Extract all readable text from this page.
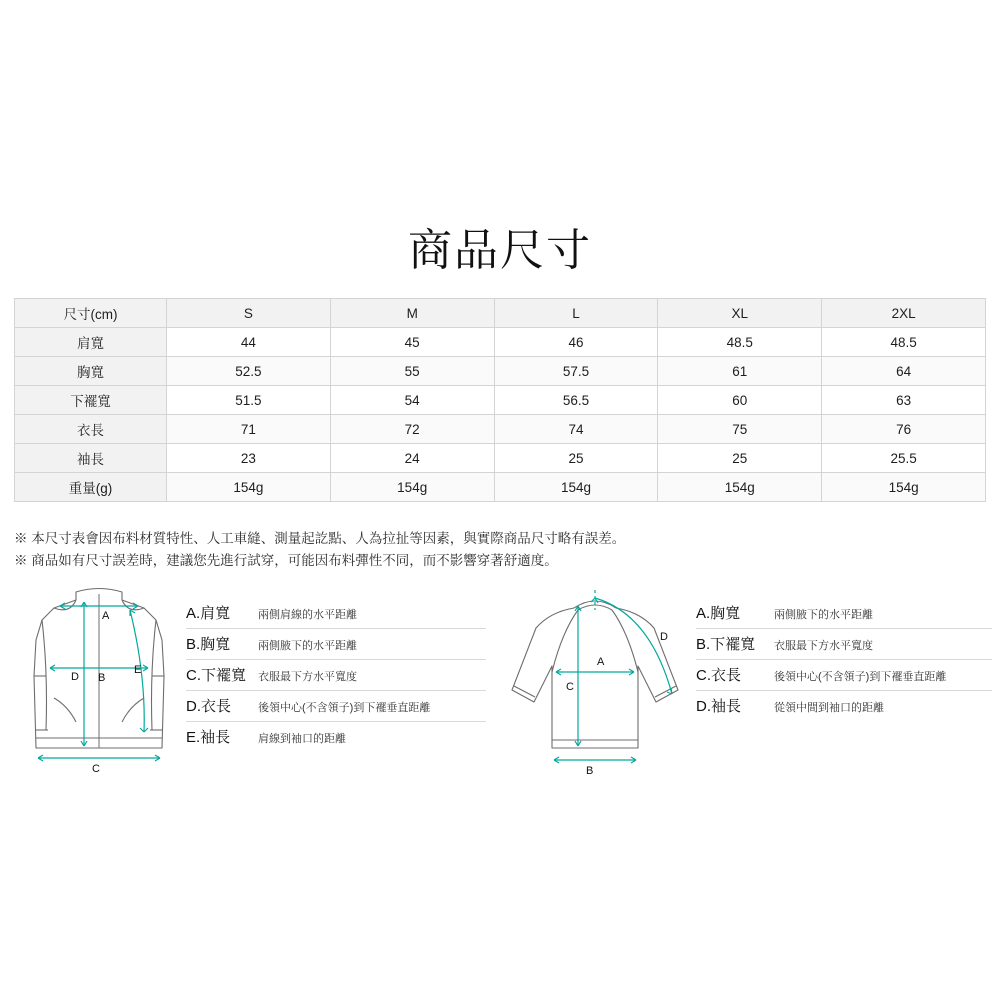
商品尺寸
尺寸(cm)	S	M	L	XL	2XL
肩寬	44	45	46	48.5	48.5
胸寬	52.5	55	57.5	61	64
下襬寬	51.5	54	56.5	60	63
衣長	71	72	74	75	76
袖長	23	24	25	25	25.5
重量(g)	154g	154g	154g	154g	154g
※ 本尺寸表會因布料材質特性、人工車縫、測量起訖點、人為拉扯等因素，與實際商品尺寸略有誤差。
※ 商品如有尺寸誤差時，建議您先進行試穿，可能因布料彈性不同，而不影響穿著舒適度。
A
B
C
D
E
A.肩寬	兩側肩線的水平距離
B.胸寬	兩側腋下的水平距離
C.下襬寬	衣服最下方水平寬度
D.衣長	後領中心(不含領子)到下襬垂直距離
E.袖長	肩線到袖口的距離
A
B
C
D
A.胸寬	兩側腋下的水平距離
B.下襬寬	衣服最下方水平寬度
C.衣長	後領中心(不含領子)到下襬垂直距離
D.袖長	從領中間到袖口的距離
